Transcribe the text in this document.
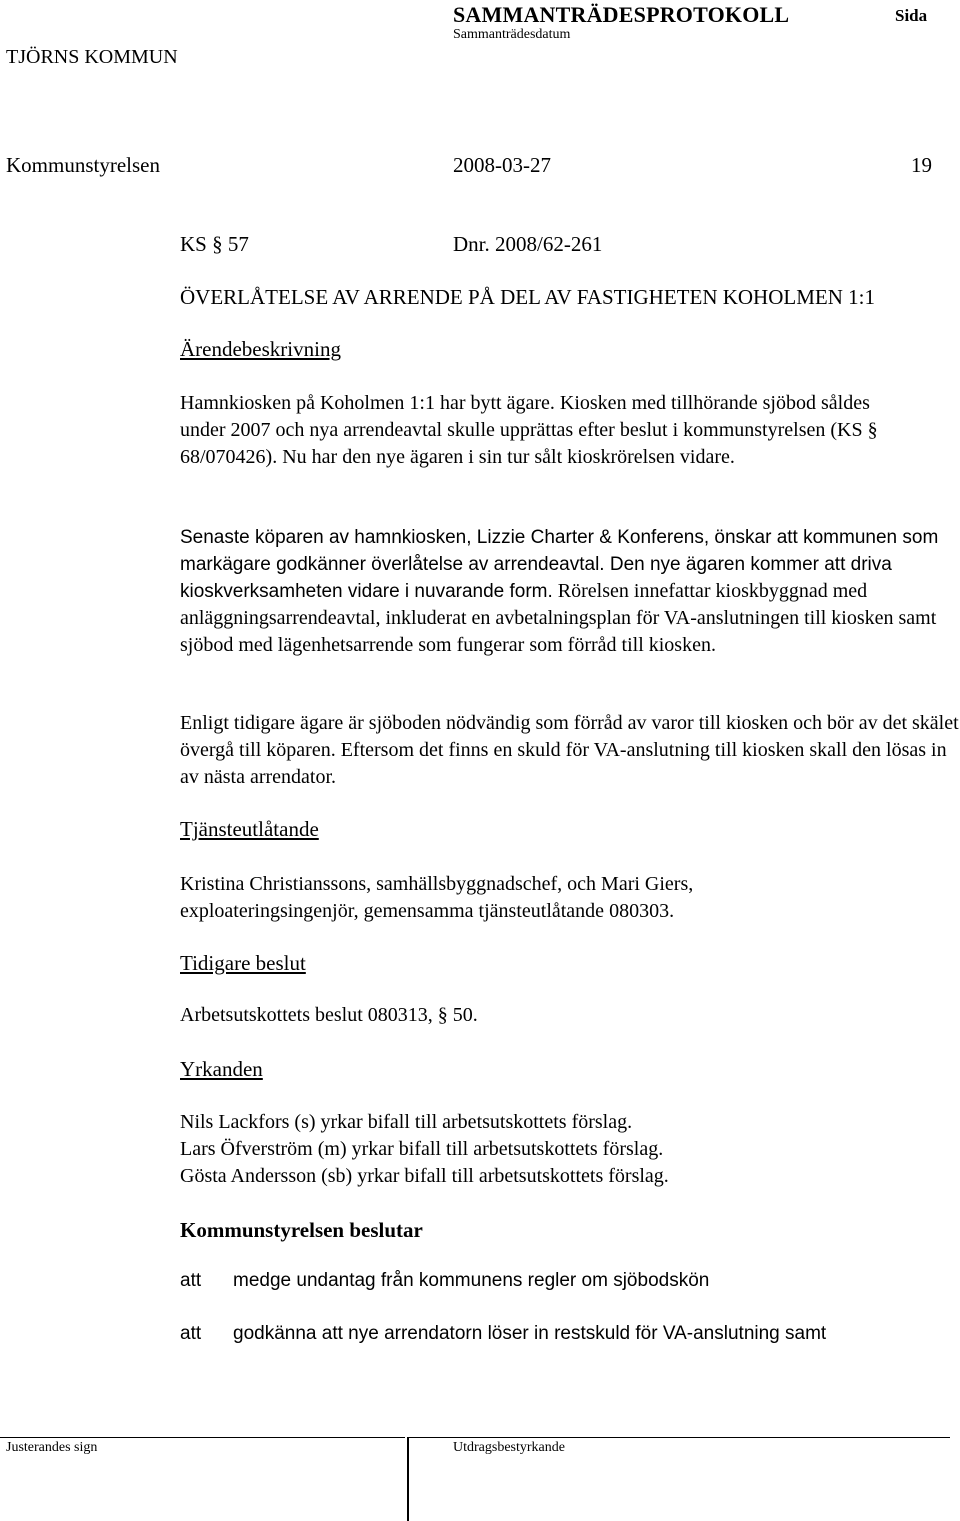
SAMMANTRÄDESPROTOKOLL	Sida
Sammanträdesdatum
TJÖRNS KOMMUN
Kommunstyrelsen	2008-03-27	19
KS § 57	Dnr. 2008/62-261
ÖVERLÅTELSE AV ARRENDE PÅ DEL AV FASTIGHETEN KOHOLMEN 1:1
Ärendebeskrivning
Hamnkiosken på Koholmen 1:1 har bytt ägare. Kiosken med tillhörande sjöbod såldes under 2007 och nya arrendeavtal skulle upprättas efter beslut i kommunstyrelsen (KS § 68/070426). Nu har den nye ägaren i sin tur sålt kioskrörelsen vidare.
Senaste köparen av hamnkiosken, Lizzie Charter & Konferens, önskar att kommunen som markägare godkänner överlåtelse av arrendeavtal. Den nye ägaren kommer att driva kioskverksamheten vidare i nuvarande form. Rörelsen innefattar kioskbyggnad med anläggningsarrendeavtal, inkluderat en avbetalningsplan för VA-anslutningen till kiosken samt sjöbod med lägenhetsarrende som fungerar som förråd till kiosken.
Enligt tidigare ägare är sjöboden nödvändig som förråd av varor till kiosken och bör av det skälet övergå till köparen. Eftersom det finns en skuld för VA-anslutning till kiosken skall den lösas in av nästa arrendator.
Tjänsteutlåtande
Kristina Christianssons, samhällsbyggnadschef, och Mari Giers, exploateringsingenjör, gemensamma tjänsteutlåtande 080303.
Tidigare beslut
Arbetsutskottets beslut 080313, § 50.
Yrkanden
Nils Lackfors (s) yrkar bifall till arbetsutskottets förslag.
Lars Öfverström (m) yrkar bifall till arbetsutskottets förslag.
Gösta Andersson (sb) yrkar bifall till arbetsutskottets förslag.
Kommunstyrelsen beslutar
att medge undantag från kommunens regler om sjöbodskön
att godkänna att nye arrendatorn löser in restskuld för VA-anslutning samt
Justerandes sign	Utdragsbestyrkande
